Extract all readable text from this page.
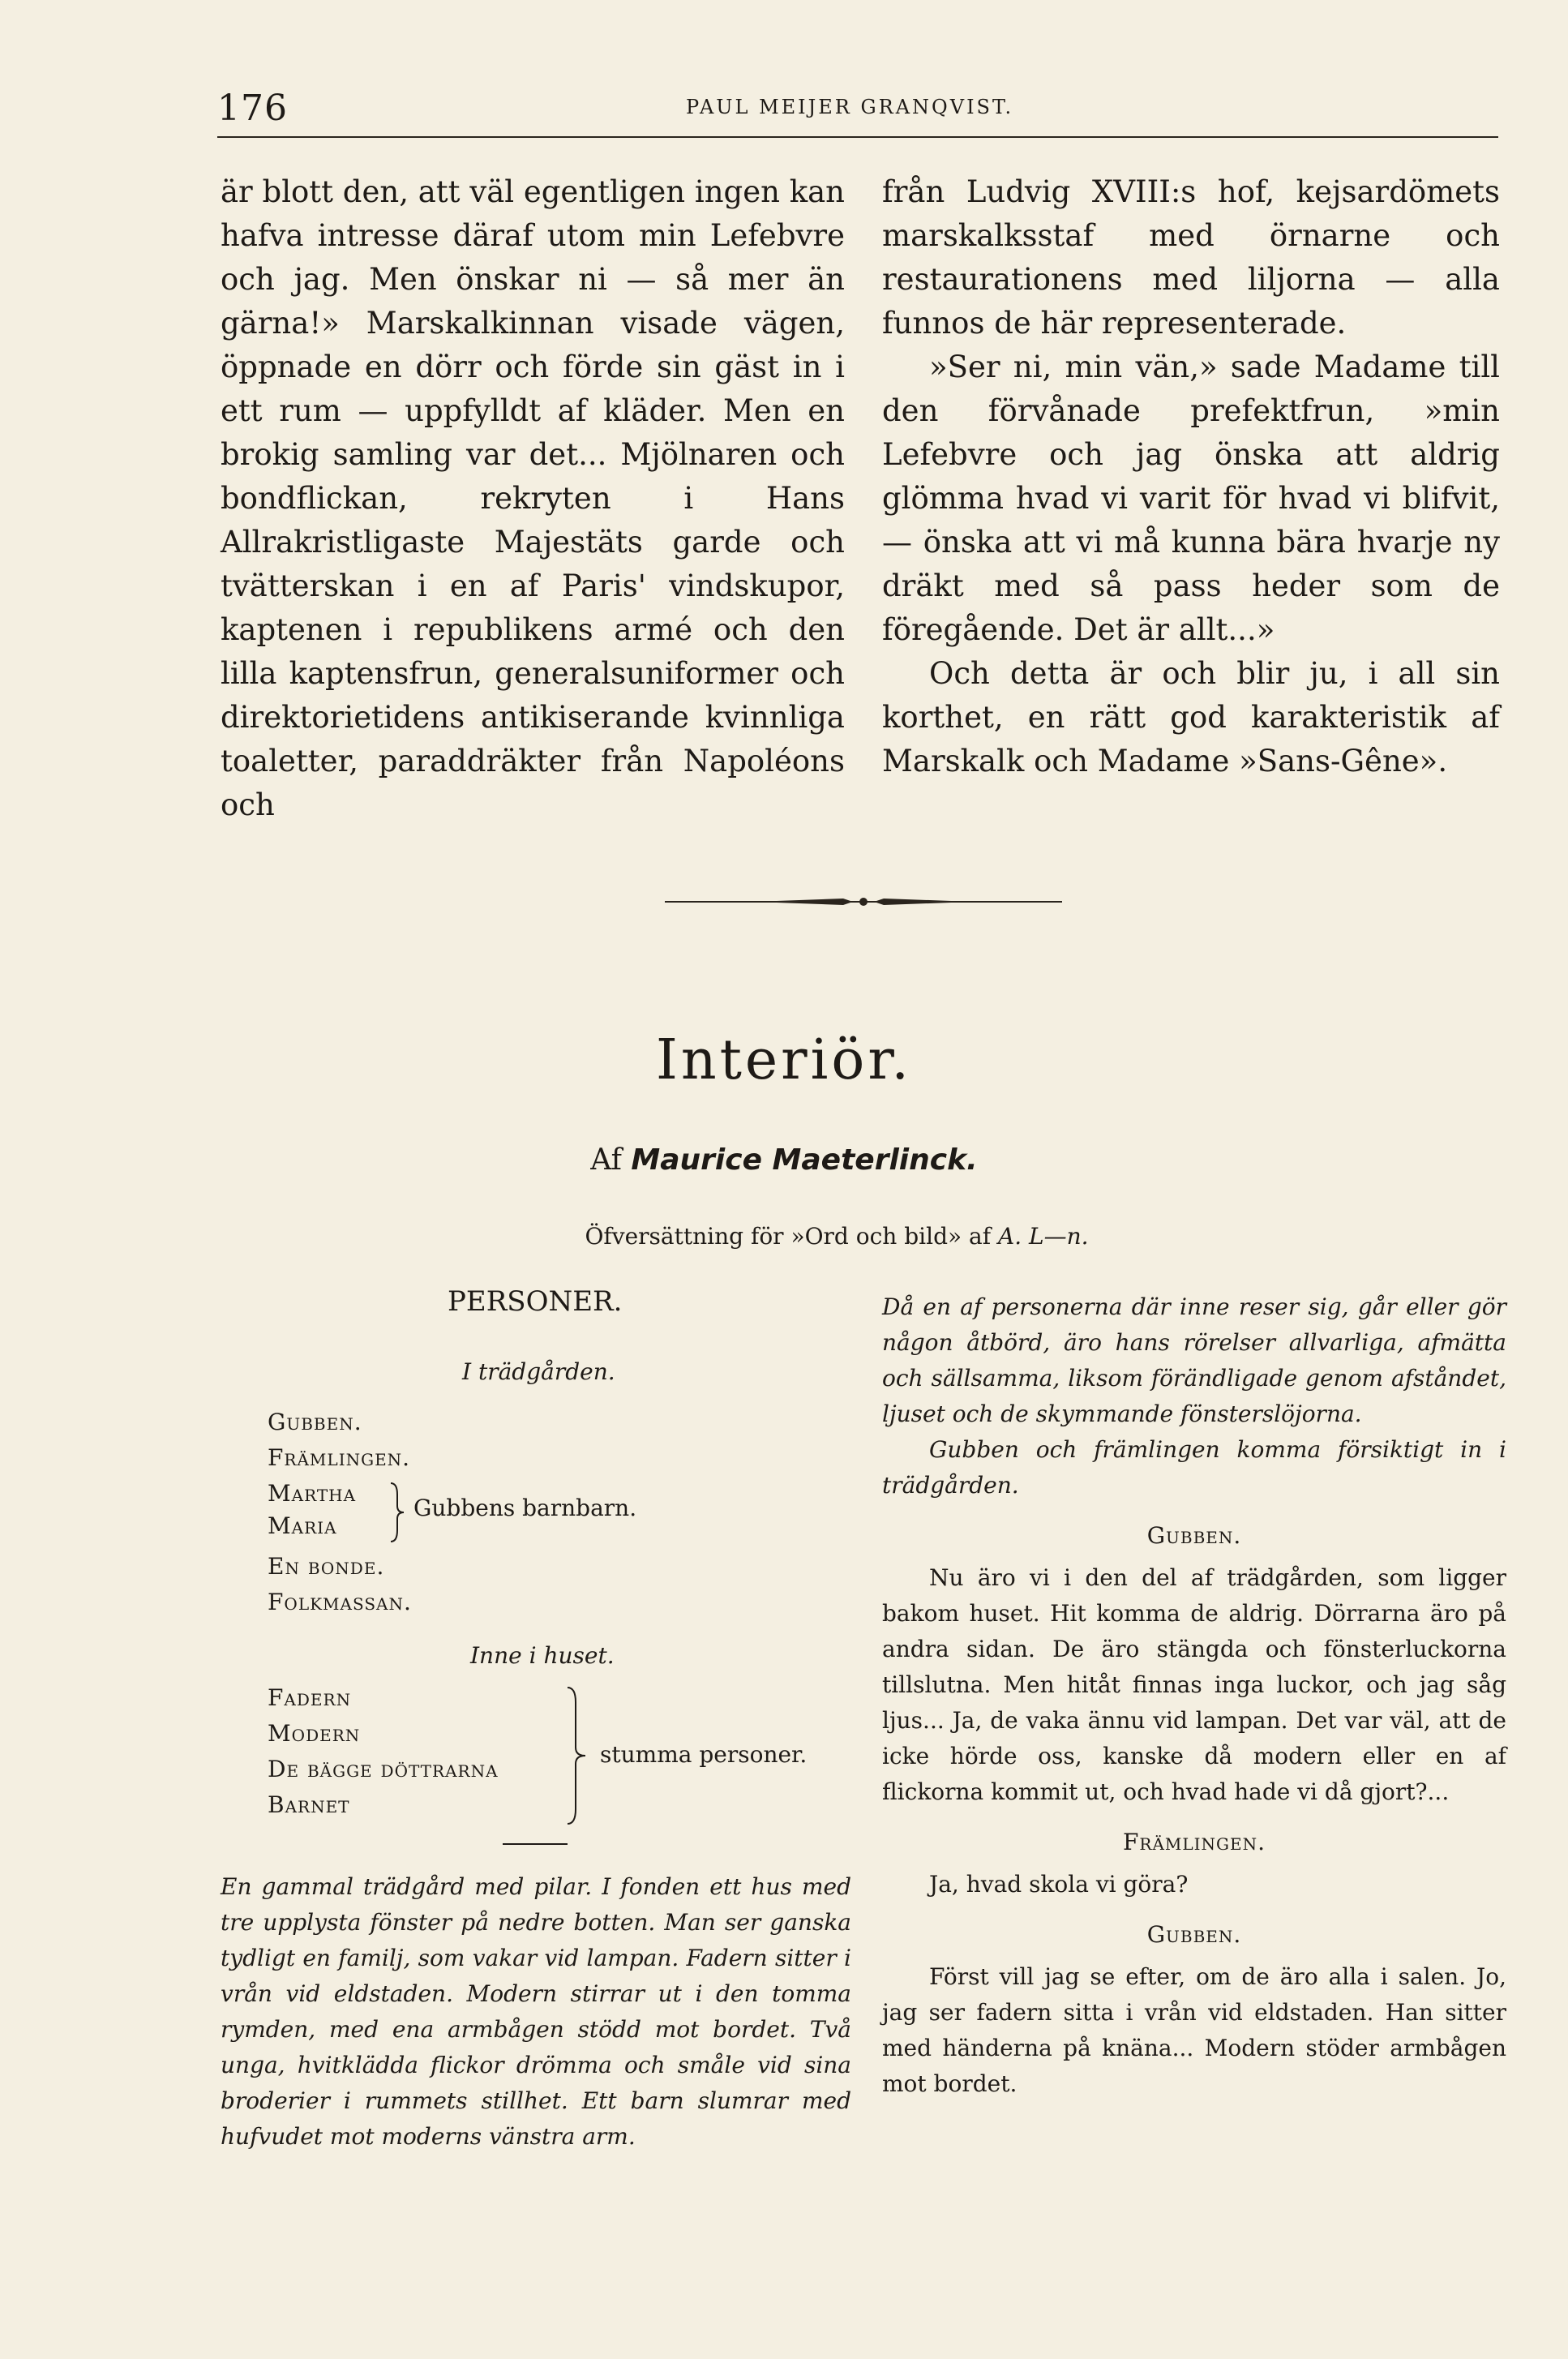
176	PAUL MEIJER GRANQVIST.

är blott den, att väl egentligen ingen kan hafva intresse däraf utom min Lefebvre och jag. Men önskar ni — så mer än gärna!» Marskalkinnan visade vägen, öppnade en dörr och förde sin gäst in i ett rum — uppfylldt af kläder. Men en brokig samling var det... Mjölnaren och bondflickan, rekryten i Hans Allrakristligaste Majestäts garde och tvätterskan i en af Paris' vindskupor, kaptenen i republikens armé och den lilla kaptensfrun, generalsuniformer och direktorietidens antikiserande kvinnliga toaletter, paraddräkter från Napoléons och

från Ludvig XVIII:s hof, kejsardömets marskalksstaf med örnarne och restaurationens med liljorna — alla funnos de här representerade.

»Ser ni, min vän,» sade Madame till den förvånade prefektfrun, »min Lefebvre och jag önska att aldrig glömma hvad vi varit för hvad vi blifvit, — önska att vi må kunna bära hvarje ny dräkt med så pass heder som de föregående. Det är allt...»

Och detta är och blir ju, i all sin korthet, en rätt god karakteristik af Marskalk och Madame »Sans-Gêne».

Interiör.
Af Maurice Maeterlinck.
Öfversättning för »Ord och bild» af A. L—n.
PERSONER.
I trädgården.
Gubben.
Främlingen.
Martha
Maria
Gubbens barnbarn.
En bonde.
Folkmassan.
Inne i huset.
Fadern
Modern
De bägge döttrarna
Barnet
stumma personer.
En gammal trädgård med pilar. I fonden ett hus med tre upplysta fönster på nedre botten. Man ser ganska tydligt en familj, som vakar vid lampan. Fadern sitter i vrån vid eldstaden. Modern stirrar ut i den tomma rymden, med ena armbågen stödd mot bordet. Två unga, hvitklädda flickor drömma och småle vid sina broderier i rummets stillhet. Ett barn slumrar med hufvudet mot moderns vänstra arm.

Då en af personerna där inne reser sig, går eller gör någon åtbörd, äro hans rörelser allvarliga, afmätta och sällsamma, liksom förändligade genom afståndet, ljuset och de skymmande fönsterslöjorna.

Gubben och främlingen komma försiktigt in i trädgården.

Gubben.

Nu äro vi i den del af trädgården, som ligger bakom huset. Hit komma de aldrig. Dörrarna äro på andra sidan. De äro stängda och fönsterluckorna tillslutna. Men hitåt finnas inga luckor, och jag såg ljus... Ja, de vaka ännu vid lampan. Det var väl, att de icke hörde oss, kanske då modern eller en af flickorna kommit ut, och hvad hade vi då gjort?...

Främlingen.

Ja, hvad skola vi göra?

Gubben.

Först vill jag se efter, om de äro alla i salen. Jo, jag ser fadern sitta i vrån vid eldstaden. Han sitter med händerna på knäna... Modern stöder armbågen mot bordet.
